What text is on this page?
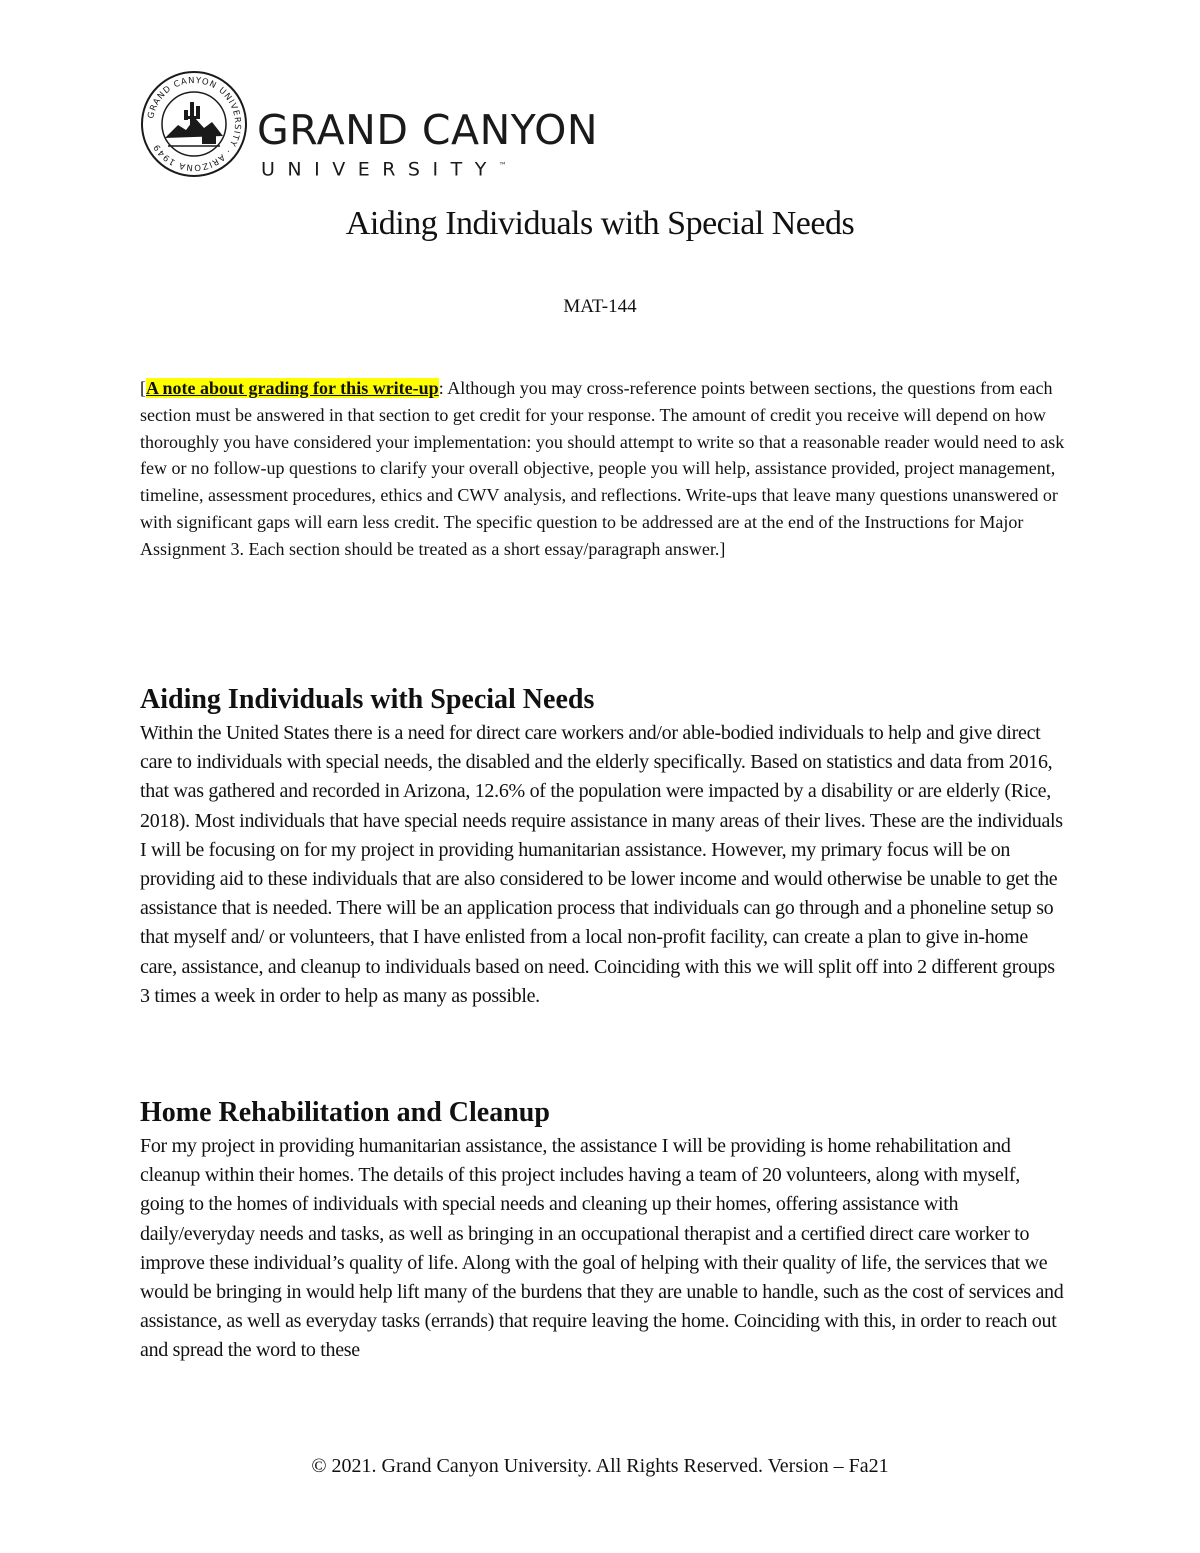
GRAND CANYON UNIVERSITY · ARIZONA 1949	GRAND CANYON
UNIVERSITY™
Aiding Individuals with Special Needs

MAT-144

[A note about grading for this write-up: Although you may cross-reference points between sections, the questions from each section must be answered in that section to get credit for your response. The amount of credit you receive will depend on how thoroughly you have considered your implementation: you should attempt to write so that a reasonable reader would need to ask few or no follow-up questions to clarify your overall objective, people you will help, assistance provided, project management, timeline, assessment procedures, ethics and CWV analysis, and reflections. Write-ups that leave many questions unanswered or with significant gaps will earn less credit. The specific question to be addressed are at the end of the Instructions for Major Assignment 3. Each section should be treated as a short essay/paragraph answer.]

Aiding Individuals with Special Needs

Within the United States there is a need for direct care workers and/or able-bodied individuals to help and give direct care to individuals with special needs, the disabled and the elderly specifically. Based on statistics and data from 2016, that was gathered and recorded in Arizona, 12.6% of the population were impacted by a disability or are elderly (Rice, 2018). Most individuals that have special needs require assistance in many areas of their lives. These are the individuals I will be focusing on for my project in providing humanitarian assistance. However, my primary focus will be on providing aid to these individuals that are also considered to be lower income and would otherwise be unable to get the assistance that is needed. There will be an application process that individuals can go through and a phoneline setup so that myself and/ or volunteers, that I have enlisted from a local non-profit facility, can create a plan to give in-home care, assistance, and cleanup to individuals based on need. Coinciding with this we will split off into 2 different groups 3 times a week in order to help as many as possible.

Home Rehabilitation and Cleanup

For my project in providing humanitarian assistance, the assistance I will be providing is home rehabilitation and cleanup within their homes. The details of this project includes having a team of 20 volunteers, along with myself, going to the homes of individuals with special needs and cleaning up their homes, offering assistance with daily/everyday needs and tasks, as well as bringing in an occupational therapist and a certified direct care worker to improve these individual’s quality of life. Along with the goal of helping with their quality of life, the services that we would be bringing in would help lift many of the burdens that they are unable to handle, such as the cost of services and assistance, as well as everyday tasks (errands) that require leaving the home. Coinciding with this, in order to reach out and spread the word to these

© 2021. Grand Canyon University. All Rights Reserved. Version – Fa21
